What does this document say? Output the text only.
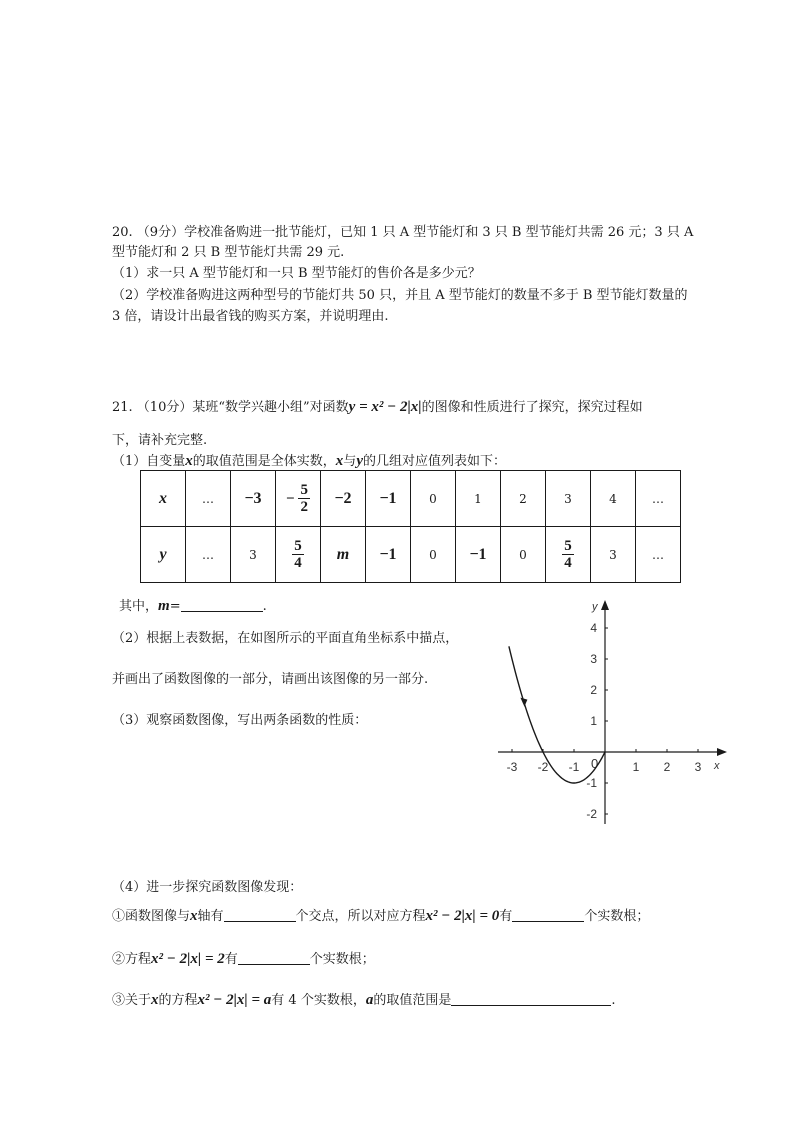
20. （9分）学校准备购进一批节能灯，已知 1 只 A 型节能灯和 3 只 B 型节能灯共需 26 元；3 只 A
型节能灯和 2 只 B 型节能灯共需 29 元.
（1）求一只 A 型节能灯和一只 B 型节能灯的售价各是多少元？
（2）学校准备购进这两种型号的节能灯共 50 只，并且 A 型节能灯的数量不多于 B 型节能灯数量的
3 倍，请设计出最省钱的购买方案，并说明理由.
21. （10分）某班“数学兴趣小组”对函数y = x² − 2|x|的图像和性质进行了探究，探究过程如
下，请补充完整.
（1）自变量x的取值范围是全体实数，x与y的几组对应值列表如下：
x	…	−3	− $\frac{5}{2}$	−2	−1	0	1	2	3	4	…
y	…	3	$\frac{5}{4}$	m	−1	0	−1	0	$\frac{5}{4}$	3	…
其中，m=	.
（2）根据上表数据，在如图所示的平面直角坐标系中描点，
并画出了函数图像的一部分，请画出该图像的另一部分.
（3）观察函数图像，写出两条函数的性质：
x
y
0
-3 -2 -1	1 2 3
4
3
2
1
-1
-2
（4）进一步探究函数图像发现：
①函数图像与x轴有	个交点，所以对应方程x² − 2|x| = 0有	个实数根；
②方程x² − 2|x| = 2有	个实数根；
③关于x的方程x² − 2|x| = a有 4 个实数根，a的取值范围是	.
